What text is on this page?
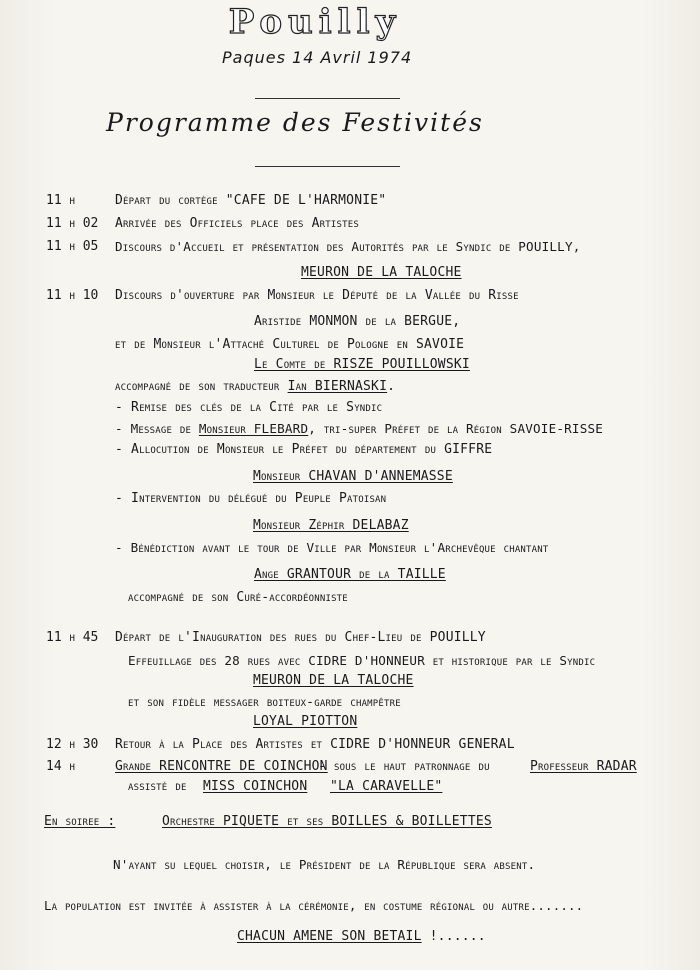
Pouilly
Paques 14 Avril 1974
Programme des Festivités
11 h	Départ du cortège "CAFE DE L'HARMONIE"
11 h 02 Arrivée des Officiels place des Artistes
11 h 05 Discours d'Accueil et présentation des Autorités par le Syndic de POUILLY,
MEURON DE LA TALOCHE
11 h 10 Discours d'ouverture par Monsieur le Député de la Vallée du Risse
Aristide MONMON de la BERGUE,
et de Monsieur l'Attaché Culturel de Pologne en SAVOIE
Le Comte de RISZE POUILLOWSKI
accompagné de son traducteur Ian BIERNASKI.
- Remise des clés de la Cité par le Syndic
- Message de Monsieur FLEBARD, tri-super Préfet de la Région SAVOIE-RISSE
- Allocution de Monsieur le Préfet du département du GIFFRE
Monsieur CHAVAN D'ANNEMASSE
- Intervention du délégué du Peuple Patoisan
Monsieur Zéphir DELABAZ
- Bénédiction avant le tour de Ville par Monsieur l'Archevêque chantant
Ange GRANTOUR de la TAILLE
accompagné de son Curé-accordéonniste
11 h 45 Départ de l'Inauguration des rues du Chef-Lieu de POUILLY
Effeuillage des 28 rues avec CIDRE D'HONNEUR et historique par le Syndic
MEURON DE LA TALOCHE
et son fidèle messager boiteux-garde champêtre
LOYAL PIOTTON
12 h 30 Retour à la Place des Artistes et CIDRE D'HONNEUR GENERAL
14 h	Grande RENCONTRE DE COINCHON
- sous le haut patronnage du	Professeur RADAR
assisté de MISS COINCHON "LA CARAVELLE"
En soiree :	Orchestre PIQUETE et ses BOILLES & BOILLETTES
N'ayant su lequel choisir, le Président de la République sera absent.
La population est invitée à assister à la cérémonie, en costume régional ou autre.......
CHACUN AMENE SON BETAIL !......
